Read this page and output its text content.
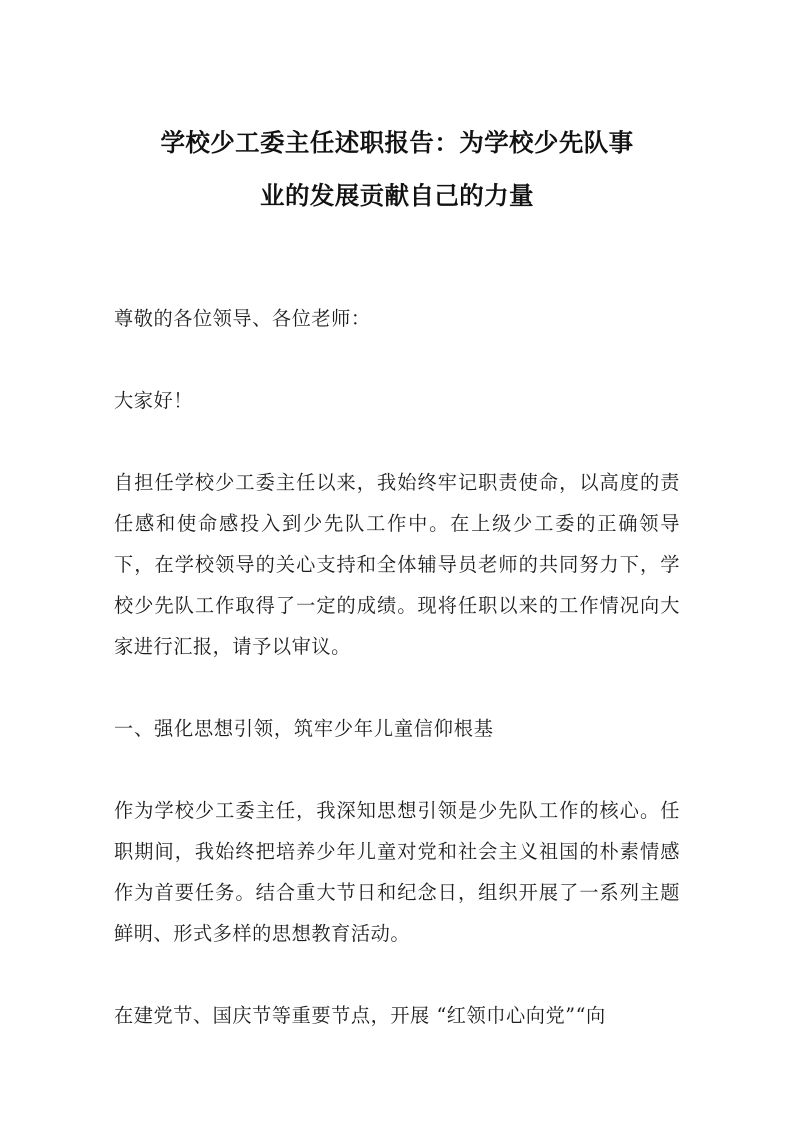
学校少工委主任述职报告：为学校少先队事
业的发展贡献自己的力量

尊敬的各位领导、各位老师：

大家好！

自担任学校少工委主任以来，我始终牢记职责使命，以高度的责任感和使命感投入到少先队工作中。在上级少工委的正确领导下，在学校领导的关心支持和全体辅导员老师的共同努力下，学校少先队工作取得了一定的成绩。现将任职以来的工作情况向大家进行汇报，请予以审议。

一、强化思想引领，筑牢少年儿童信仰根基

作为学校少工委主任，我深知思想引领是少先队工作的核心。任职期间，我始终把培养少年儿童对党和社会主义祖国的朴素情感作为首要任务。结合重大节日和纪念日，组织开展了一系列主题鲜明、形式多样的思想教育活动。

在建党节、国庆节等重要节点，开展 “红领巾心向党”“向
